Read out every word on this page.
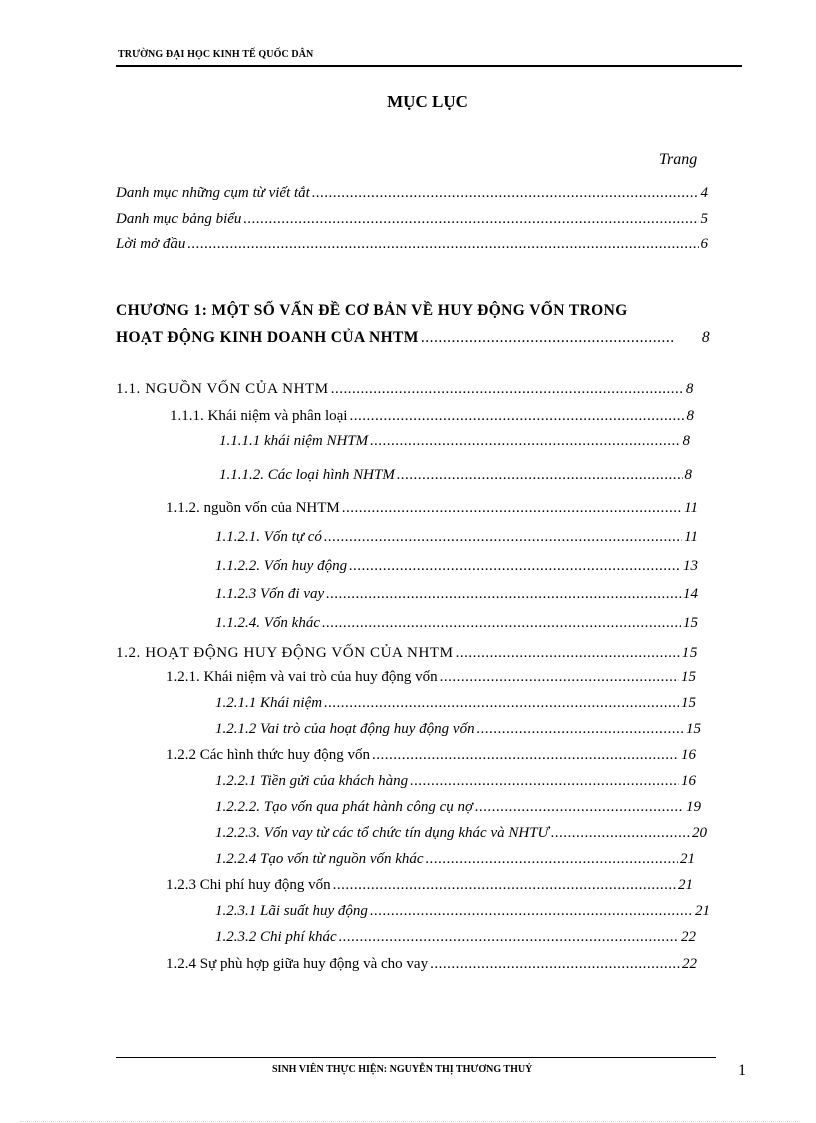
TRƯỜNG ĐẠI HỌC KINH TẾ QUỐC DÂN
MỤC LỤC
Trang
Danh mục những cụm từ viết tắt .....	4
Danh mục bảng biểu .....	5
Lời mở đầu .....	6
CHƯƠNG 1: MỘT SỐ VẤN ĐỀ CƠ BẢN VỀ HUY ĐỘNG VỐN TRONG
HOẠT ĐỘNG KINH DOANH CỦA NHTM .....	8
1.1. NGUỒN VỐN CỦA NHTM .....	8
1.1.1. Khái niệm và phân loại .....	8
1.1.1.1 khái niệm NHTM .....	8
1.1.1.2. Các loại hình NHTM .....	8
1.1.2. nguồn vốn của NHTM .....	11
1.1.2.1. Vốn tự có .....	11
1.1.2.2. Vốn huy động .....	13
1.1.2.3 Vốn đi vay .....	14
1.1.2.4. Vốn khác .....	15
1.2. HOẠT ĐỘNG HUY ĐỘNG VỐN CỦA NHTM .....	15
1.2.1. Khái niệm và vai trò của huy động vốn .....	15
1.2.1.1 Khái niệm .....	15
1.2.1.2 Vai trò của hoạt động huy động vốn .....	15
1.2.2 Các hình thức huy động vốn .....	16
1.2.2.1 Tiền gửi của khách hàng .....	16
1.2.2.2. Tạo vốn qua phát hành công cụ nợ .....	19
1.2.2.3. Vốn vay từ các tổ chức tín dụng khác và NHTƯ .....	20
1.2.2.4 Tạo vốn từ nguồn vốn khác .....	21
1.2.3 Chi phí huy động vốn .....	21
1.2.3.1 Lãi suất huy động .....	21
1.2.3.2 Chi phí khác .....	22
1.2.4 Sự phù hợp giữa huy động và cho vay .....	22
SINH VIÊN THỰC HIỆN: NGUYỄN THỊ THƯƠNG THUỶ	1
